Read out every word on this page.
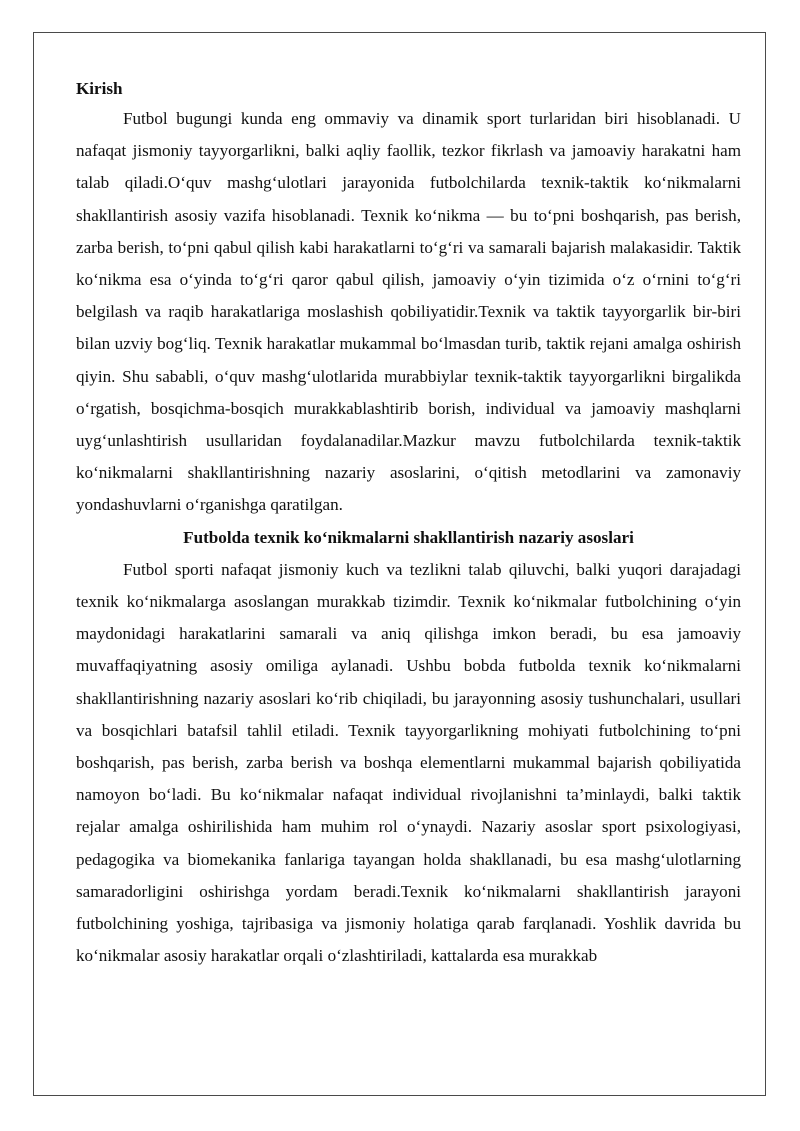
Kirish

Futbol bugungi kunda eng ommaviy va dinamik sport turlaridan biri hisoblanadi. U nafaqat jismoniy tayyorgarlikni, balki aqliy faollik, tezkor fikrlash va jamoaviy harakatni ham talab qiladi.O‘quv mashg‘ulotlari jarayonida futbolchilarda texnik-taktik ko‘nikmalarni shakllantirish asosiy vazifa hisoblanadi. Texnik ko‘nikma — bu to‘pni boshqarish, pas berish, zarba berish, to‘pni qabul qilish kabi harakatlarni to‘g‘ri va samarali bajarish malakasidir. Taktik ko‘nikma esa o‘yinda to‘g‘ri qaror qabul qilish, jamoaviy o‘yin tizimida o‘z o‘rnini to‘g‘ri belgilash va raqib harakatlariga moslashish qobiliyatidir.Texnik va taktik tayyorgarlik bir-biri bilan uzviy bog‘liq. Texnik harakatlar mukammal bo‘lmasdan turib, taktik rejani amalga oshirish qiyin. Shu sababli, o‘quv mashg‘ulotlarida murabbiylar texnik-taktik tayyorgarlikni birgalikda o‘rgatish, bosqichma-bosqich murakkablashtirib borish, individual va jamoaviy mashqlarni uyg‘unlashtirish usullaridan foydalanadilar.Mazkur mavzu futbolchilarda texnik-taktik ko‘nikmalarni shakllantirishning nazariy asoslarini, o‘qitish metodlarini va zamonaviy yondashuvlarni o‘rganishga qaratilgan.

Futbolda texnik ko‘nikmalarni shakllantirish nazariy asoslari

Futbol sporti nafaqat jismoniy kuch va tezlikni talab qiluvchi, balki yuqori darajadagi texnik ko‘nikmalarga asoslangan murakkab tizimdir. Texnik ko‘nikmalar futbolchining o‘yin maydonidagi harakatlarini samarali va aniq qilishga imkon beradi, bu esa jamoaviy muvaffaqiyatning asosiy omiliga aylanadi. Ushbu bobda futbolda texnik ko‘nikmalarni shakllantirishning nazariy asoslari ko‘rib chiqiladi, bu jarayonning asosiy tushunchalari, usullari va bosqichlari batafsil tahlil etiladi. Texnik tayyorgarlikning mohiyati futbolchining to‘pni boshqarish, pas berish, zarba berish va boshqa elementlarni mukammal bajarish qobiliyatida namoyon bo‘ladi. Bu ko‘nikmalar nafaqat individual rivojlanishni ta’minlaydi, balki taktik rejalar amalga oshirilishida ham muhim rol o‘ynaydi. Nazariy asoslar sport psixologiyasi, pedagogika va biomekanika fanlariga tayangan holda shakllanadi, bu esa mashg‘ulotlarning samaradorligini oshirishga yordam beradi.Texnik ko‘nikmalarni shakllantirish jarayoni futbolchining yoshiga, tajribasiga va jismoniy holatiga qarab farqlanadi. Yoshlik davrida bu ko‘nikmalar asosiy harakatlar orqali o‘zlashtiriladi, kattalarda esa murakkab
